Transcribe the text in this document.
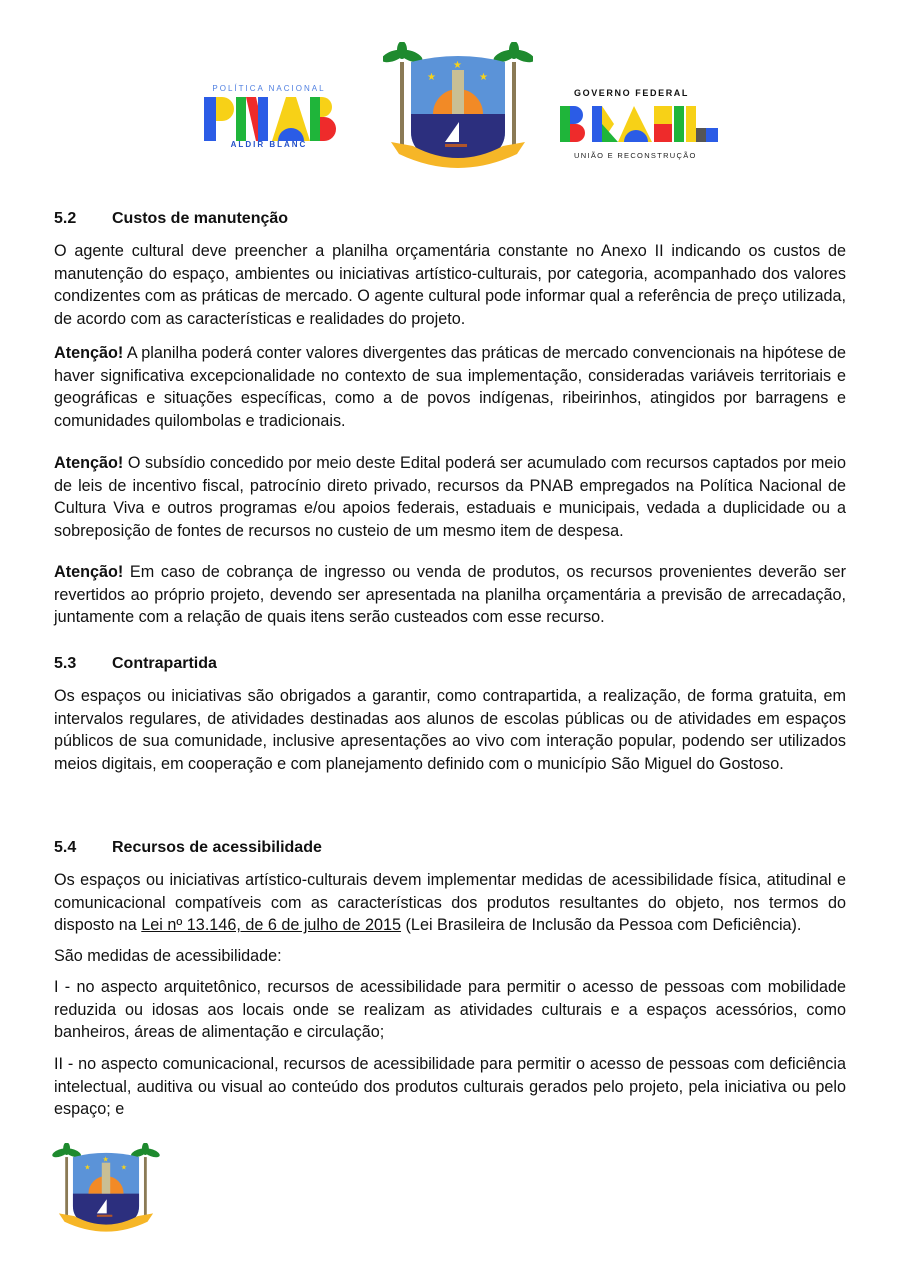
POLÍTICA NACIONAL
ALDIR BLANC
★
★
★
GOVERNO FEDERAL
UNIÃO E RECONSTRUÇÃO
5.2	Custos de manutenção

O agente cultural deve preencher a planilha orçamentária constante no Anexo II indicando os custos de manutenção do espaço, ambientes ou iniciativas artístico-culturais, por categoria, acompanhado dos valores condizentes com as práticas de mercado. O agente cultural pode informar qual a referência de preço utilizada, de acordo com as características e realidades do projeto.

Atenção! A planilha poderá conter valores divergentes das práticas de mercado convencionais na hipótese de haver significativa excepcionalidade no contexto de sua implementação, consideradas variáveis territoriais e geográficas e situações específicas, como a de povos indígenas, ribeirinhos, atingidos por barragens e comunidades quilombolas e tradicionais.

Atenção! O subsídio concedido por meio deste Edital poderá ser acumulado com recursos captados por meio de leis de incentivo fiscal, patrocínio direto privado, recursos da PNAB empregados na Política Nacional de Cultura Viva e outros programas e/ou apoios federais, estaduais e municipais, vedada a duplicidade ou a sobreposição de fontes de recursos no custeio de um mesmo item de despesa.

Atenção! Em caso de cobrança de ingresso ou venda de produtos, os recursos provenientes deverão ser revertidos ao próprio projeto, devendo ser apresentada na planilha orçamentária a previsão de arrecadação, juntamente com a relação de quais itens serão custeados com esse recurso.

5.3	Contrapartida

Os espaços ou iniciativas são obrigados a garantir, como contrapartida, a realização, de forma gratuita, em intervalos regulares, de atividades destinadas aos alunos de escolas públicas ou de atividades em espaços públicos de sua comunidade, inclusive apresentações ao vivo com interação popular, podendo ser utilizados meios digitais, em cooperação e com planejamento definido com o município São Miguel do Gostoso.

5.4	Recursos de acessibilidade

Os espaços ou iniciativas artístico-culturais devem implementar medidas de acessibilidade física, atitudinal e comunicacional compatíveis com as características dos produtos resultantes do objeto, nos termos do disposto na Lei nº 13.146, de 6 de julho de 2015 (Lei Brasileira de Inclusão da Pessoa com Deficiência).

São medidas de acessibilidade:

I - no aspecto arquitetônico, recursos de acessibilidade para permitir o acesso de pessoas com mobilidade reduzida ou idosas aos locais onde se realizam as atividades culturais e a espaços acessórios, como banheiros, áreas de alimentação e circulação;

II - no aspecto comunicacional, recursos de acessibilidade para permitir o acesso de pessoas com deficiência intelectual, auditiva ou visual ao conteúdo dos produtos culturais gerados pelo projeto, pela iniciativa ou pelo espaço; e

★
★
★
